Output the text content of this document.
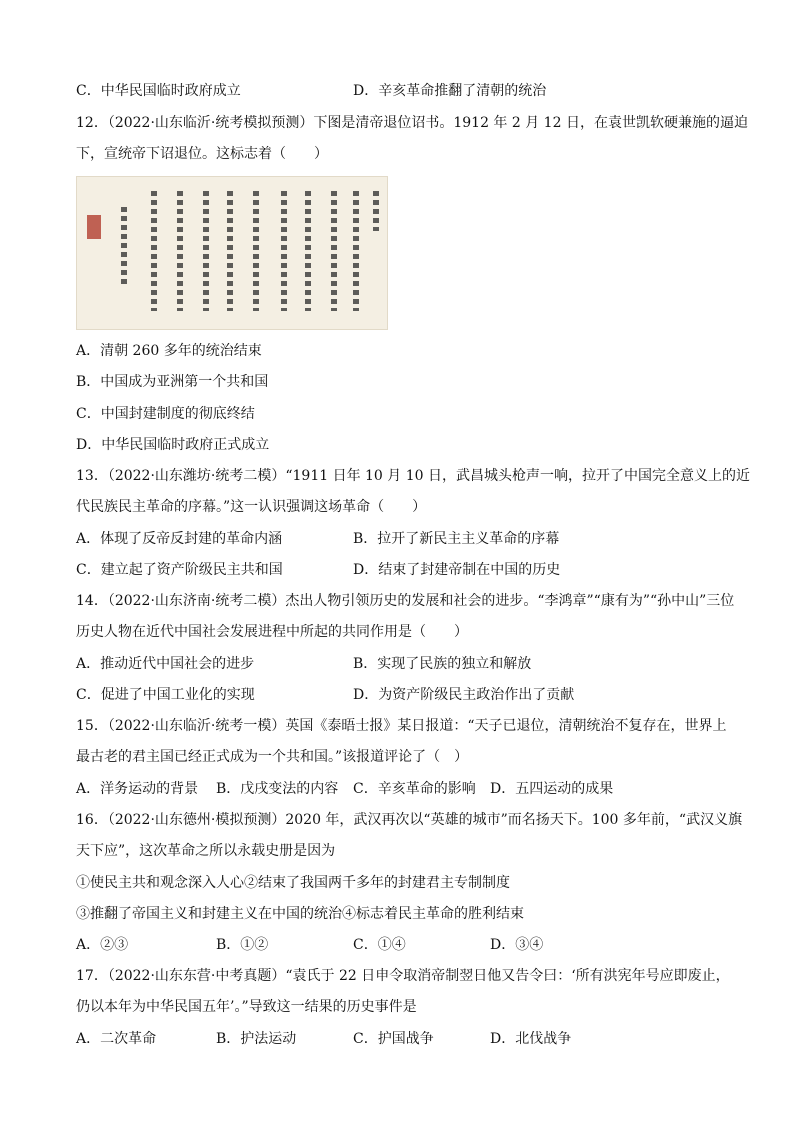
C．中华民国临时政府成立	D．辛亥革命推翻了清朝的统治
12．（2022·山东临沂·统考模拟预测）下图是清帝退位诏书。1912 年 2 月 12 日，在袁世凯软硬兼施的逼迫
下，宣统帝下诏退位。这标志着（　　）
A．清朝 260 多年的统治结束
B．中国成为亚洲第一个共和国
C．中国封建制度的彻底终结
D．中华民国临时政府正式成立
13．（2022·山东潍坊·统考二模）“1911 日年 10 月 10 日，武昌城头枪声一响，拉开了中国完全意义上的近
代民族民主革命的序幕。”这一认识强调这场革命（　　）
A．体现了反帝反封建的革命内涵	B．拉开了新民主主义革命的序幕
C．建立起了资产阶级民主共和国	D．结束了封建帝制在中国的历史
14．（2022·山东济南·统考二模）杰出人物引领历史的发展和社会的进步。“李鸿章”“康有为”“孙中山”三位
历史人物在近代中国社会发展进程中所起的共同作用是（　　）
A．推动近代中国社会的进步	B．实现了民族的独立和解放
C．促进了中国工业化的实现	D．为资产阶级民主政治作出了贡献
15．（2022·山东临沂·统考一模）英国《泰晤士报》某日报道：“天子已退位，清朝统治不复存在，世界上
最古老的君主国已经正式成为一个共和国。”该报道评论了（　）
A．洋务运动的背景 B．戊戌变法的内容 C．辛亥革命的影响 D．五四运动的成果
16．（2022·山东德州·模拟预测）2020 年，武汉再次以“英雄的城市”而名扬天下。100 多年前，“武汉义旗
天下应”，这次革命之所以永载史册是因为
①使民主共和观念深入人心②结束了我国两千多年的封建君主专制制度
③推翻了帝国主义和封建主义在中国的统治④标志着民主革命的胜利结束
A．②③	B．①②	C．①④	D．③④
17．（2022·山东东营·中考真题）“袁氏于 22 日申令取消帝制翌日他又告令曰：‘所有洪宪年号应即废止，
仍以本年为中华民国五年’。”导致这一结果的历史事件是
A．二次革命	B．护法运动	C．护国战争	D．北伐战争
